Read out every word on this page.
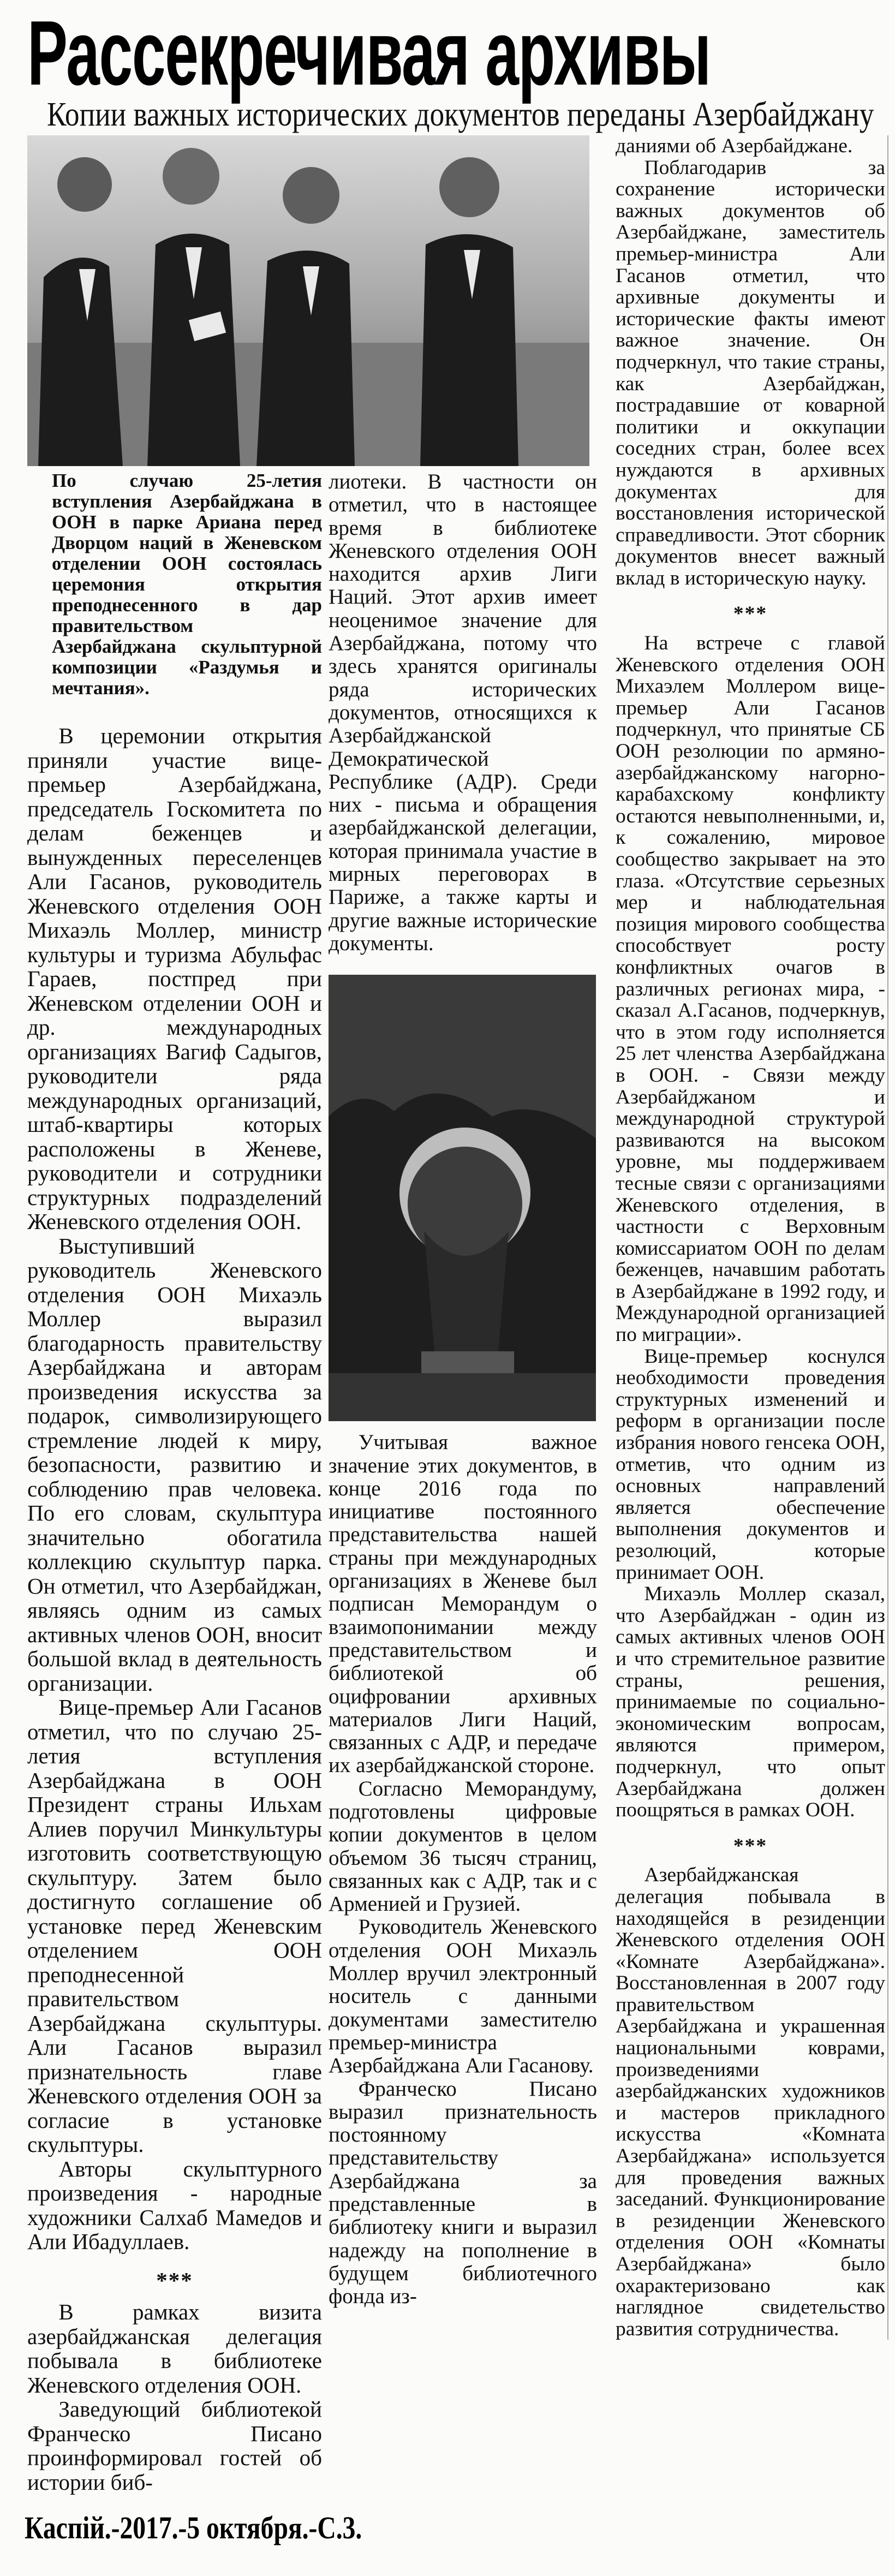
Рассекречивая архивы
Копии важных исторических документов переданы Азербайджану
По случаю 25-летия вступления Азербайджана в ООН в парке Ариана перед Дворцом наций в Женевском отделении ООН состоялась церемония открытия преподнесенного в дар правительством Азербайджана скульптурной композиции «Раздумья и мечтания».

В церемонии открытия приняли участие вице-премьер Азербайджана, председатель Госкомитета по делам беженцев и вынужденных переселенцев Али Гасанов, руководитель Женевского отделения ООН Михаэль Моллер, министр культуры и туризма Абульфас Гараев, постпред при Женевском отделении ООН и др. международных организациях Вагиф Садыгов, руководители ряда международных организаций, штаб-квартиры которых расположены в Женеве, руководители и сотрудники структурных подразделений Женевского отделения ООН.

Выступивший руководитель Женевского отделения ООН Михаэль Моллер выразил благодарность правительству Азербайджана и авторам произведения искусства за подарок, символизирующего стремление людей к миру, безопасности, развитию и соблюдению прав человека. По его словам, скульптура значительно обогатила коллекцию скульптур парка. Он отметил, что Азербайджан, являясь одним из самых активных членов ООН, вносит большой вклад в деятельность организации.

Вице-премьер Али Гасанов отметил, что по случаю 25-летия вступления Азербайджана в ООН Президент страны Ильхам Алиев поручил Минкультуры изготовить соответствующую скульптуру. Затем было достигнуто соглашение об установке перед Женевским отделением ООН преподнесенной правительством Азербайджана скульптуры. Али Гасанов выразил признательность главе Женевского отделения ООН за согласие в установке скульптуры.

Авторы скульптурного произведения - народные художники Салхаб Мамедов и Али Ибадуллаев.

***

В рамках визита азербайджанская делегация побывала в библиотеке Женевского отделения ООН.

Заведующий библиотекой Франческо Писано проинформировал гостей об истории биб-

лиотеки. В частности он отметил, что в настоящее время в библиотеке Женевского отделения ООН находится архив Лиги Наций. Этот архив имеет неоценимое значение для Азербайджана, потому что здесь хранятся оригиналы ряда исторических документов, относящихся к Азербайджанской Демократической Республике (АДР). Среди них - письма и обращения азербайджанской делегации, которая принимала участие в мирных переговорах в Париже, а также карты и другие важные исторические документы.

Учитывая важное значение этих документов, в конце 2016 года по инициативе постоянного представительства нашей страны при международных организациях в Женеве был подписан Меморандум о взаимопонимании между представительством и библиотекой об оцифровании архивных материалов Лиги Наций, связанных с АДР, и передаче их азербайджанской стороне.

Согласно Меморандуму, подготовлены цифровые копии документов в целом объемом 36 тысяч страниц, связанных как с АДР, так и с Арменией и Грузией.

Руководитель Женевского отделения ООН Михаэль Моллер вручил электронный носитель с данными документами заместителю премьер-министра Азербайджана Али Гасанову.

Франческо Писано выразил признательность постоянному представительству Азербайджана за представленные в библиотеку книги и выразил надежду на пополнение в будущем библиотечного фонда из-

даниями об Азербайджане.

Поблагодарив за сохранение исторически важных документов об Азербайджане, заместитель премьер-министра Али Гасанов отметил, что архивные документы и исторические факты имеют важное значение. Он подчеркнул, что такие страны, как Азербайджан, пострадавшие от коварной политики и оккупации соседних стран, более всех нуждаются в архивных документах для восстановления исторической справедливости. Этот сборник документов внесет важный вклад в историческую науку.

***

На встрече с главой Женевского отделения ООН Михаэлем Моллером вице-премьер Али Гасанов подчеркнул, что принятые СБ ООН резолюции по армяно-азербайджанскому нагорно-карабахскому конфликту остаются невыполненными, и, к сожалению, мировое сообщество закрывает на это глаза. «Отсутствие серьезных мер и наблюдательная позиция мирового сообщества способствует росту конфликтных очагов в различных регионах мира, - сказал А.Гасанов, подчеркнув, что в этом году исполняется 25 лет членства Азербайджана в ООН. - Связи между Азербайджаном и международной структурой развиваются на высоком уровне, мы поддерживаем тесные связи с организациями Женевского отделения, в частности с Верховным комиссариатом ООН по делам беженцев, начавшим работать в Азербайджане в 1992 году, и Международной организацией по миграции».

Вице-премьер коснулся необходимости проведения структурных изменений и реформ в организации после избрания нового генсека ООН, отметив, что одним из основных направлений является обеспечение выполнения документов и резолюций, которые принимает ООН.

Михаэль Моллер сказал, что Азербайджан - один из самых активных членов ООН и что стремительное развитие страны, решения, принимаемые по социально-экономическим вопросам, являются примером, подчеркнул, что опыт Азербайджана должен поощряться в рамках ООН.

***

Азербайджанская делегация побывала в находящейся в резиденции Женевского отделения ООН «Комнате Азербайджана». Восстановленная в 2007 году правительством Азербайджана и украшенная национальными коврами, произведениями азербайджанских художников и мастеров прикладного искусства «Комната Азербайджана» используется для проведения важных заседаний. Функционирование в резиденции Женевского отделения ООН «Комнаты Азербайджана» было охарактеризовано как наглядное свидетельство развития сотрудничества.

Каспій.-2017.-5 октября.-С.3.
